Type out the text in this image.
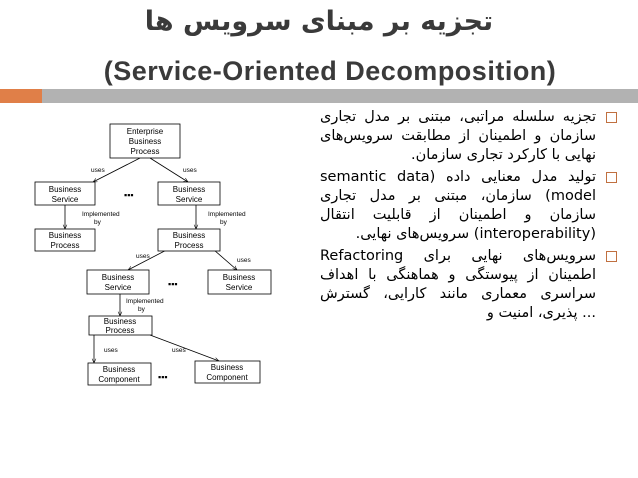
تجزیه بر مبنای سرویس ها
(Service-Oriented Decomposition)
uses	uses
Implemented
by
Implemented
by
uses
uses
Implemented
by
uses	uses
Enterprise
Business
Process
Business
Service
Business
Service
Business
Process
Business
Process
Business
Service
Business
Service
Business
Process
Business
Component
Business
Component
▪▪▪
▪▪▪
▪▪▪
تجزیه سلسله مراتبی، مبتنی بر مدل تجاری سازمان و اطمینان از مطابقت سرویس‌های نهایی با کارکرد تجاری سازمان.
تولید مدل معنایی داده (semantic data model) سازمان، مبتنی بر مدل تجاری سازمان و اطمینان از قابلیت انتقال (interoperability) سرویس‌های نهایی.
Refactoring سرویس‌های نهایی برای اطمینان از پیوستگی و هماهنگی با اهداف سراسری معماری مانند کارایی، گسترش پذیری، امنیت و ...
